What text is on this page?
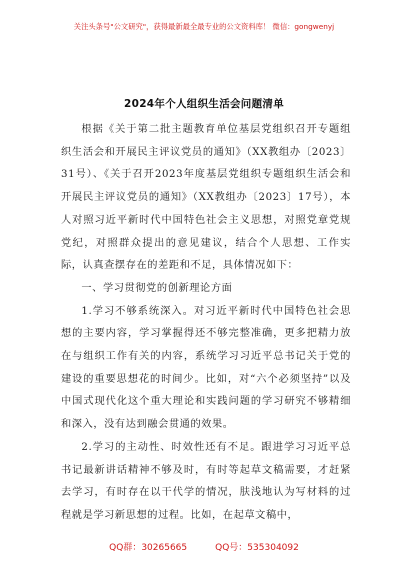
关注头条号"公文研究"，获得最新最全最专业的公文资料库！ 微信：gongwenyj
2024年个人组织生活会问题清单

根据《关于第二批主题教育单位基层党组织召开专题组织生活会和开展民主评议党员的通知》（XX教组办〔2023〕31号）、《关于召开2023年度基层党组织专题组织生活会和开展民主评议党员的通知》（XX教组办〔2023〕17号），本人对照习近平新时代中国特色社会主义思想，对照党章党规党纪，对照群众提出的意见建议，结合个人思想、工作实际，认真查摆存在的差距和不足，具体情况如下：

一、学习贯彻党的创新理论方面

1.学习不够系统深入。对习近平新时代中国特色社会思想的主要内容，学习掌握得还不够完整准确，更多把精力放在与组织工作有关的内容，系统学习习近平总书记关于党的建设的重要思想花的时间少。比如，对“六个必须坚持”以及中国式现代化这个重大理论和实践问题的学习研究不够精细和深入，没有达到融会贯通的效果。

2.学习的主动性、时效性还有不足。跟进学习习近平总书记最新讲话精神不够及时，有时等起草文稿需要，才赶紧去学习，有时存在以干代学的情况，肤浅地认为写材料的过程就是学习新思想的过程。比如，在起草文稿中，

QQ群：30265665	QQ号：535304092
